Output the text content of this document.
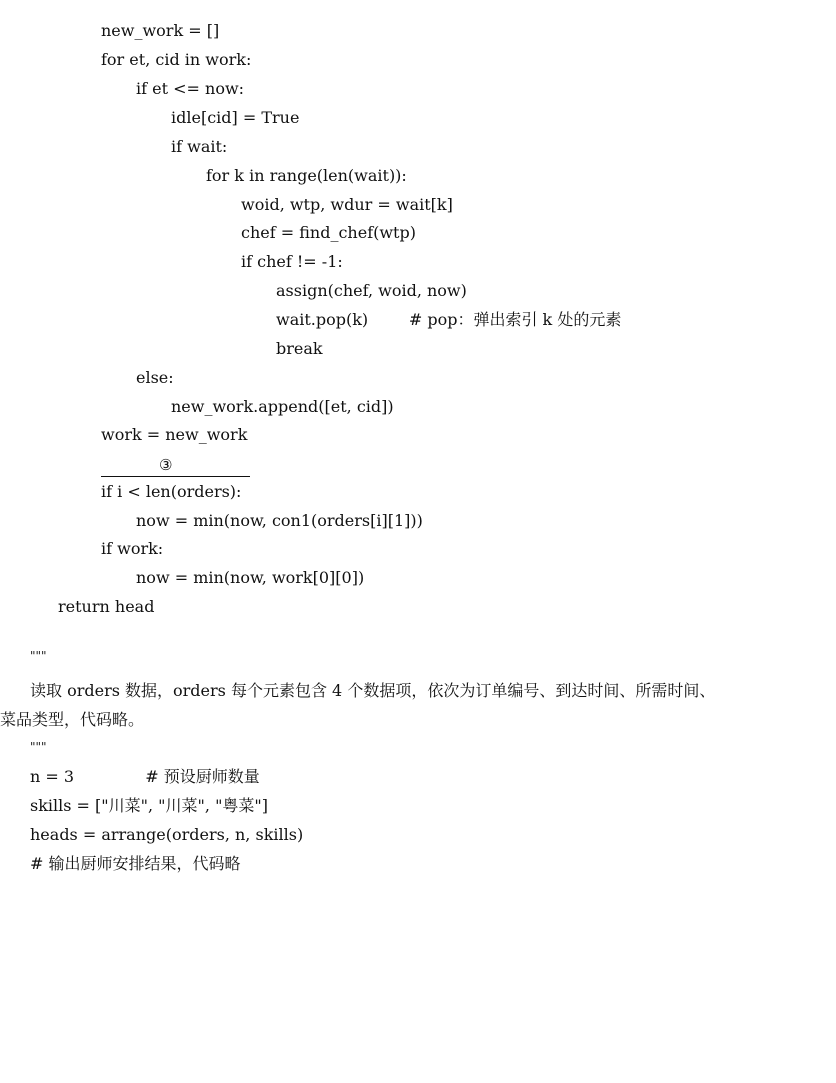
new_work = []
for et, cid in work:
if et <= now:
idle[cid] = True
if wait:
for k in range(len(wait)):
woid, wtp, wdur = wait[k]
chef = find_chef(wtp)
if chef != -1:
assign(chef, woid, now)
wait.pop(k)        # pop：弹出索引 k 处的元素
break
else:
new_work.append([et, cid])
work = new_work
③
if i < len(orders):
now = min(now, con1(orders[i][1]))
if work:
now = min(now, work[0][0])
return head
"""
读取 orders 数据，orders 每个元素包含 4 个数据项，依次为订单编号、到达时间、所需时间、
菜品类型，代码略。
"""
n = 3              # 预设厨师数量
skills = ["川菜", "川菜", "粤菜"]
heads = arrange(orders, n, skills)
# 输出厨师安排结果，代码略
